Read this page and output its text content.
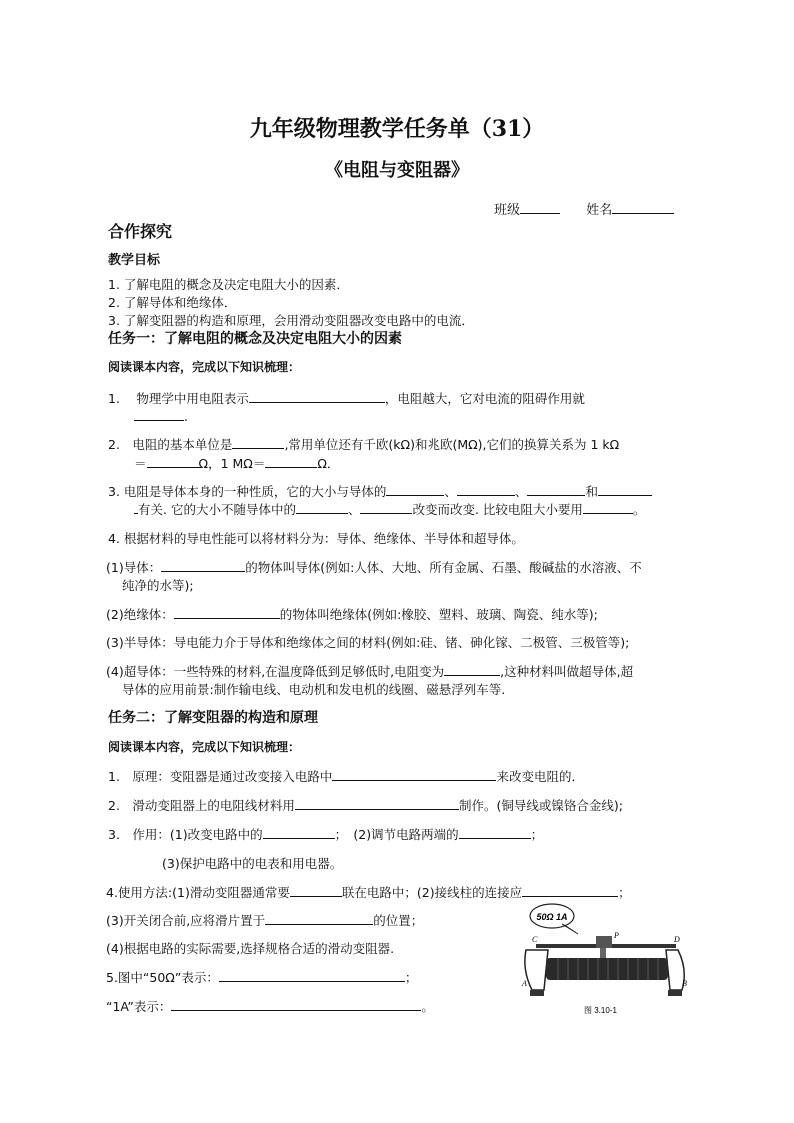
九年级物理教学任务单（31）
《电阻与变阻器》
班级	姓名
合作探究
教学目标
1. 了解电阻的概念及决定电阻大小的因素．
2. 了解导体和绝缘体．
3. 了解变阻器的构造和原理，会用滑动变阻器改变电路中的电流．
任务一：了解电阻的概念及决定电阻大小的因素
阅读课本内容，完成以下知识梳理：
1.　 物理学中用电阻表示	，电阻越大，它对电流的阻碍作用就
.
2.　电阻的基本单位是	,常用单位还有千欧(kΩ)和兆欧(MΩ),它们的换算关系为 1 kΩ
＝	Ω，1 MΩ＝	Ω．
3. 电阻是导体本身的一种性质，它的大小与导体的	、	、	和
有关. 它的大小不随导体中的	、	改变而改变. 比较电阻大小要用	。
4. 根据材料的导电性能可以将材料分为：导体、绝缘体、半导体和超导体。
(1)导体：	的物体叫导体(例如:人体、大地、所有金属、石墨、酸碱盐的水溶液、不
纯净的水等);
(2)绝缘体：	的物体叫绝缘体(例如:橡胶、塑料、玻璃、陶瓷、纯水等);
(3)半导体：导电能力介于导体和绝缘体之间的材料(例如:硅、锗、砷化镓、二极管、三极管等);
(4)超导体：一些特殊的材料,在温度降低到足够低时,电阻变为	,这种材料叫做超导体,超
导体的应用前景:制作输电线、电动机和发电机的线圈、磁悬浮列车等.
任务二：了解变阻器的构造和原理
阅读课本内容，完成以下知识梳理：
1.　原理：变阻器是通过改变接入电路中	来改变电阻的．
2.　滑动变阻器上的电阻线材料用	制作。(铜导线或镍铬合金线);
3.　作用：(1)改变电路中的	；　(2)调节电路两端的	；
(3)保护电路中的电表和用电器。
4.使用方法:(1)滑动变阻器通常要	联在电路中；(2)接线柱的连接应	；
(3)开关闭合前,应将滑片置于	的位置；
(4)根据电路的实际需要,选择规格合适的滑动变阻器.
5.图中“50Ω”表示：	；
“1A”表示：	。
50Ω 1A
C	P	D
A	B
图 3.10-1
